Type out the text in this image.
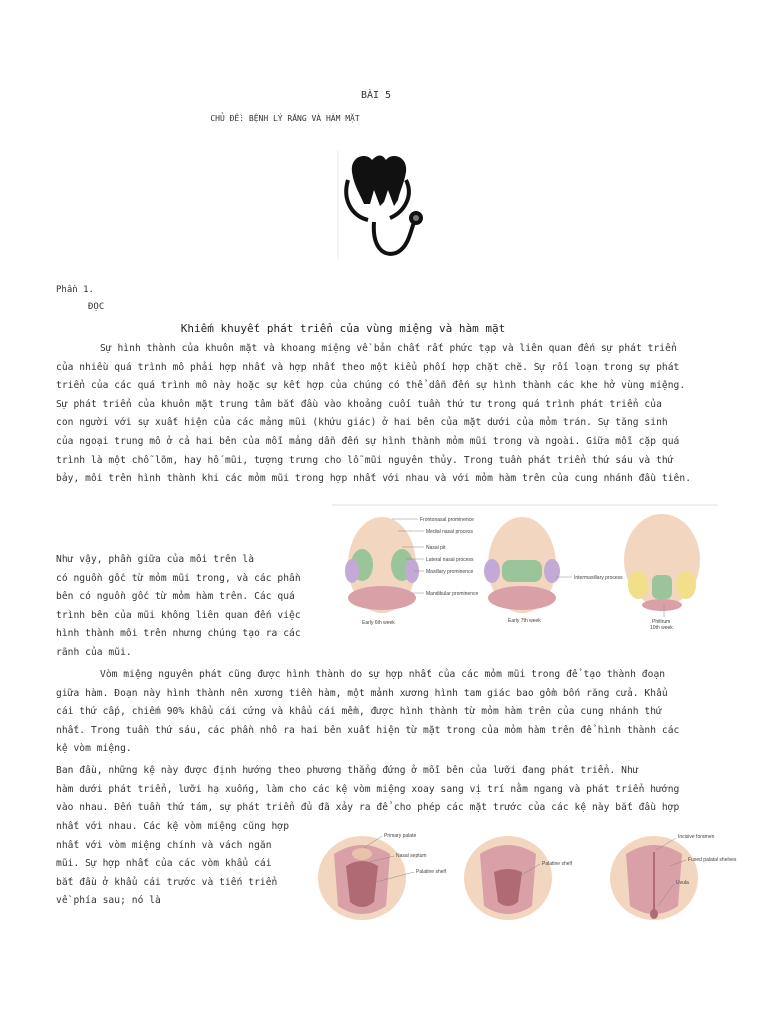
BÀI 5
CHỦ ĐỀ: BỆNH LÝ RĂNG VÀ HÀM MẶT
Phần 1.
ĐỌC
Khiếm khuyết phát triển của vùng miệng và hàm mặt

Sự hình thành của khuôn mặt và khoang miệng về bản chất rất phức tạp và liên quan đến sự phát triển

của nhiều quá trình mô phải hợp nhất và hợp nhất theo một kiểu phối hợp chặt chẽ. Sự rối loạn trong sự phát

triển của các quá trình mô này hoặc sự kết hợp của chúng có thể dẫn đến sự hình thành các khe hở vùng miệng.

Sự phát triển của khuôn mặt trung tâm bắt đầu vào khoảng cuối tuần thứ tư trong quá trình phát triển của

con người với sự xuất hiện của các mảng mũi (khứu giác) ở hai bên của mặt dưới của mỏm trán. Sự tăng sinh

của ngoại trung mô ở cả hai bên của mỗi mảng dẫn đến sự hình thành mỏm mũi trong và ngoài. Giữa mỗi cặp quá

trình là một chỗ lõm, hay hố mũi, tượng trưng cho lỗ mũi nguyên thủy. Trong tuần phát triển thứ sáu và thứ

bảy, môi trên hình thành khi các mỏm mũi trong hợp nhất với nhau và với mỏm hàm trên của cung nhánh đầu tiên.

Frontonasal prominence
Medial nasal process
Nasal pit
Lateral nasal process
Maxillary prominence
Mandibular prominence
Intermaxillary process
Philtrum
Early 6th week	Early 7th week
10th week

Như vậy, phần giữa của môi trên là

có nguồn gốc từ mỏm mũi trong, và các phần

bên có nguồn gốc từ mỏm hàm trên. Các quá

trình bên của mũi không liên quan đến việc

hình thành môi trên nhưng chúng tạo ra các

rãnh của mũi.

Vòm miệng nguyên phát cũng được hình thành do sự hợp nhất của các mỏm mũi trong để tạo thành đoạn

giữa hàm. Đoạn này hình thành nên xương tiền hàm, một mảnh xương hình tam giác bao gồm bốn răng cửa. Khẩu

cái thứ cấp, chiếm 90% khẩu cái cứng và khẩu cái mềm, được hình thành từ mỏm hàm trên của cung nhánh thứ

nhất. Trong tuần thứ sáu, các phần nhô ra hai bên xuất hiện từ mặt trong của mỏm hàm trên để hình thành các

kệ vòm miệng.

Ban đầu, những kệ này được định hướng theo phương thẳng đứng ở mỗi bên của lưỡi đang phát triển. Như

hàm dưới phát triển, lưỡi hạ xuống, làm cho các kệ vòm miệng xoay sang vị trí nằm ngang và phát triển hướng

vào nhau. Đến tuần thứ tám, sự phát triển đủ đã xảy ra để cho phép các mặt trước của các kệ này bắt đầu hợp

nhất với nhau. Các kệ vòm miệng cũng hợp

nhất với vòm miệng chính và vách ngăn

mũi. Sự hợp nhất của các vòm khẩu cái

bắt đầu ở khẩu cái trước và tiến triển

về phía sau; nó là

Primary palate
Nasal septum
Palatine shelf
Palatine shelf
Incisive foramen
Fused palatal shelves
Uvula
